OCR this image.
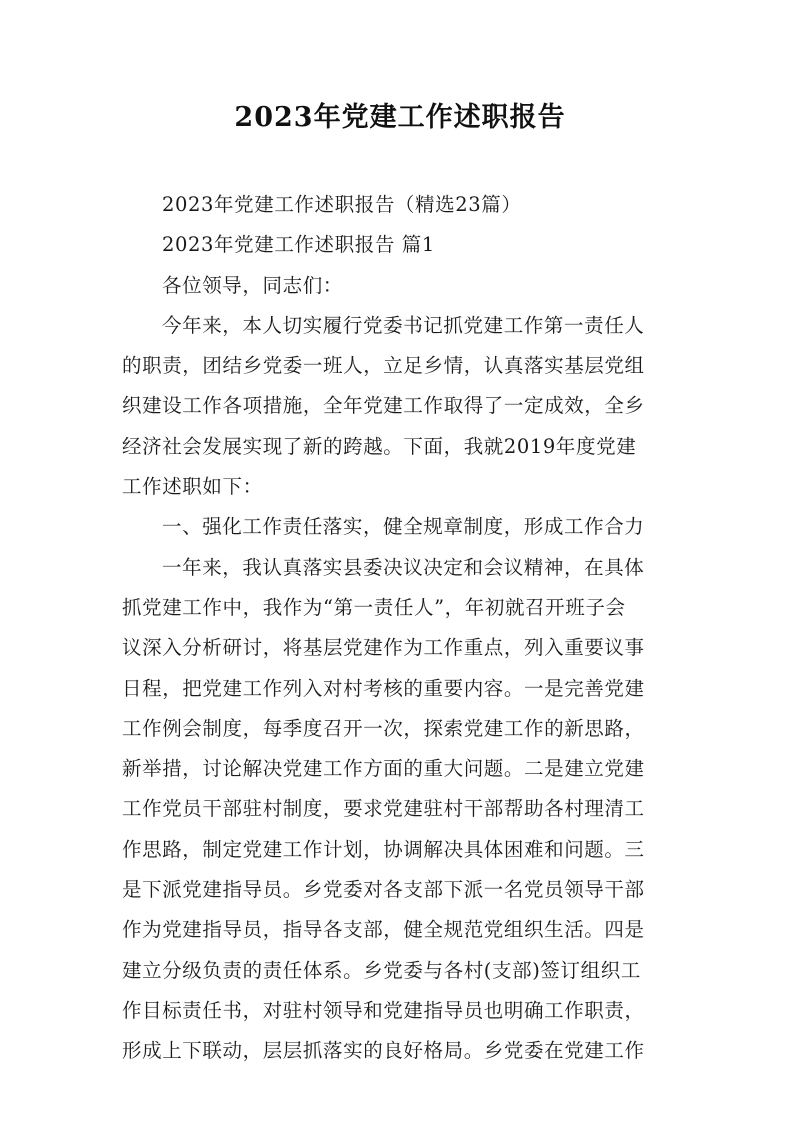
2023年党建工作述职报告
2023年党建工作述职报告（精选23篇）
2023年党建工作述职报告 篇1
各位领导，同志们：
今年来，本人切实履行党委书记抓党建工作第一责任人
的职责，团结乡党委一班人，立足乡情，认真落实基层党组
织建设工作各项措施，全年党建工作取得了一定成效，全乡
经济社会发展实现了新的跨越。下面，我就2019年度党建
工作述职如下：
一、强化工作责任落实，健全规章制度，形成工作合力
一年来，我认真落实县委决议决定和会议精神，在具体
抓党建工作中，我作为“第一责任人”，年初就召开班子会
议深入分析研讨，将基层党建作为工作重点，列入重要议事
日程，把党建工作列入对村考核的重要内容。一是完善党建
工作例会制度，每季度召开一次，探索党建工作的新思路，
新举措，讨论解决党建工作方面的重大问题。二是建立党建
工作党员干部驻村制度，要求党建驻村干部帮助各村理清工
作思路，制定党建工作计划，协调解决具体困难和问题。三
是下派党建指导员。乡党委对各支部下派一名党员领导干部
作为党建指导员，指导各支部，健全规范党组织生活。四是
建立分级负责的责任体系。乡党委与各村(支部)签订组织工
作目标责任书，对驻村领导和党建指导员也明确工作职责，
形成上下联动，层层抓落实的良好格局。乡党委在党建工作
